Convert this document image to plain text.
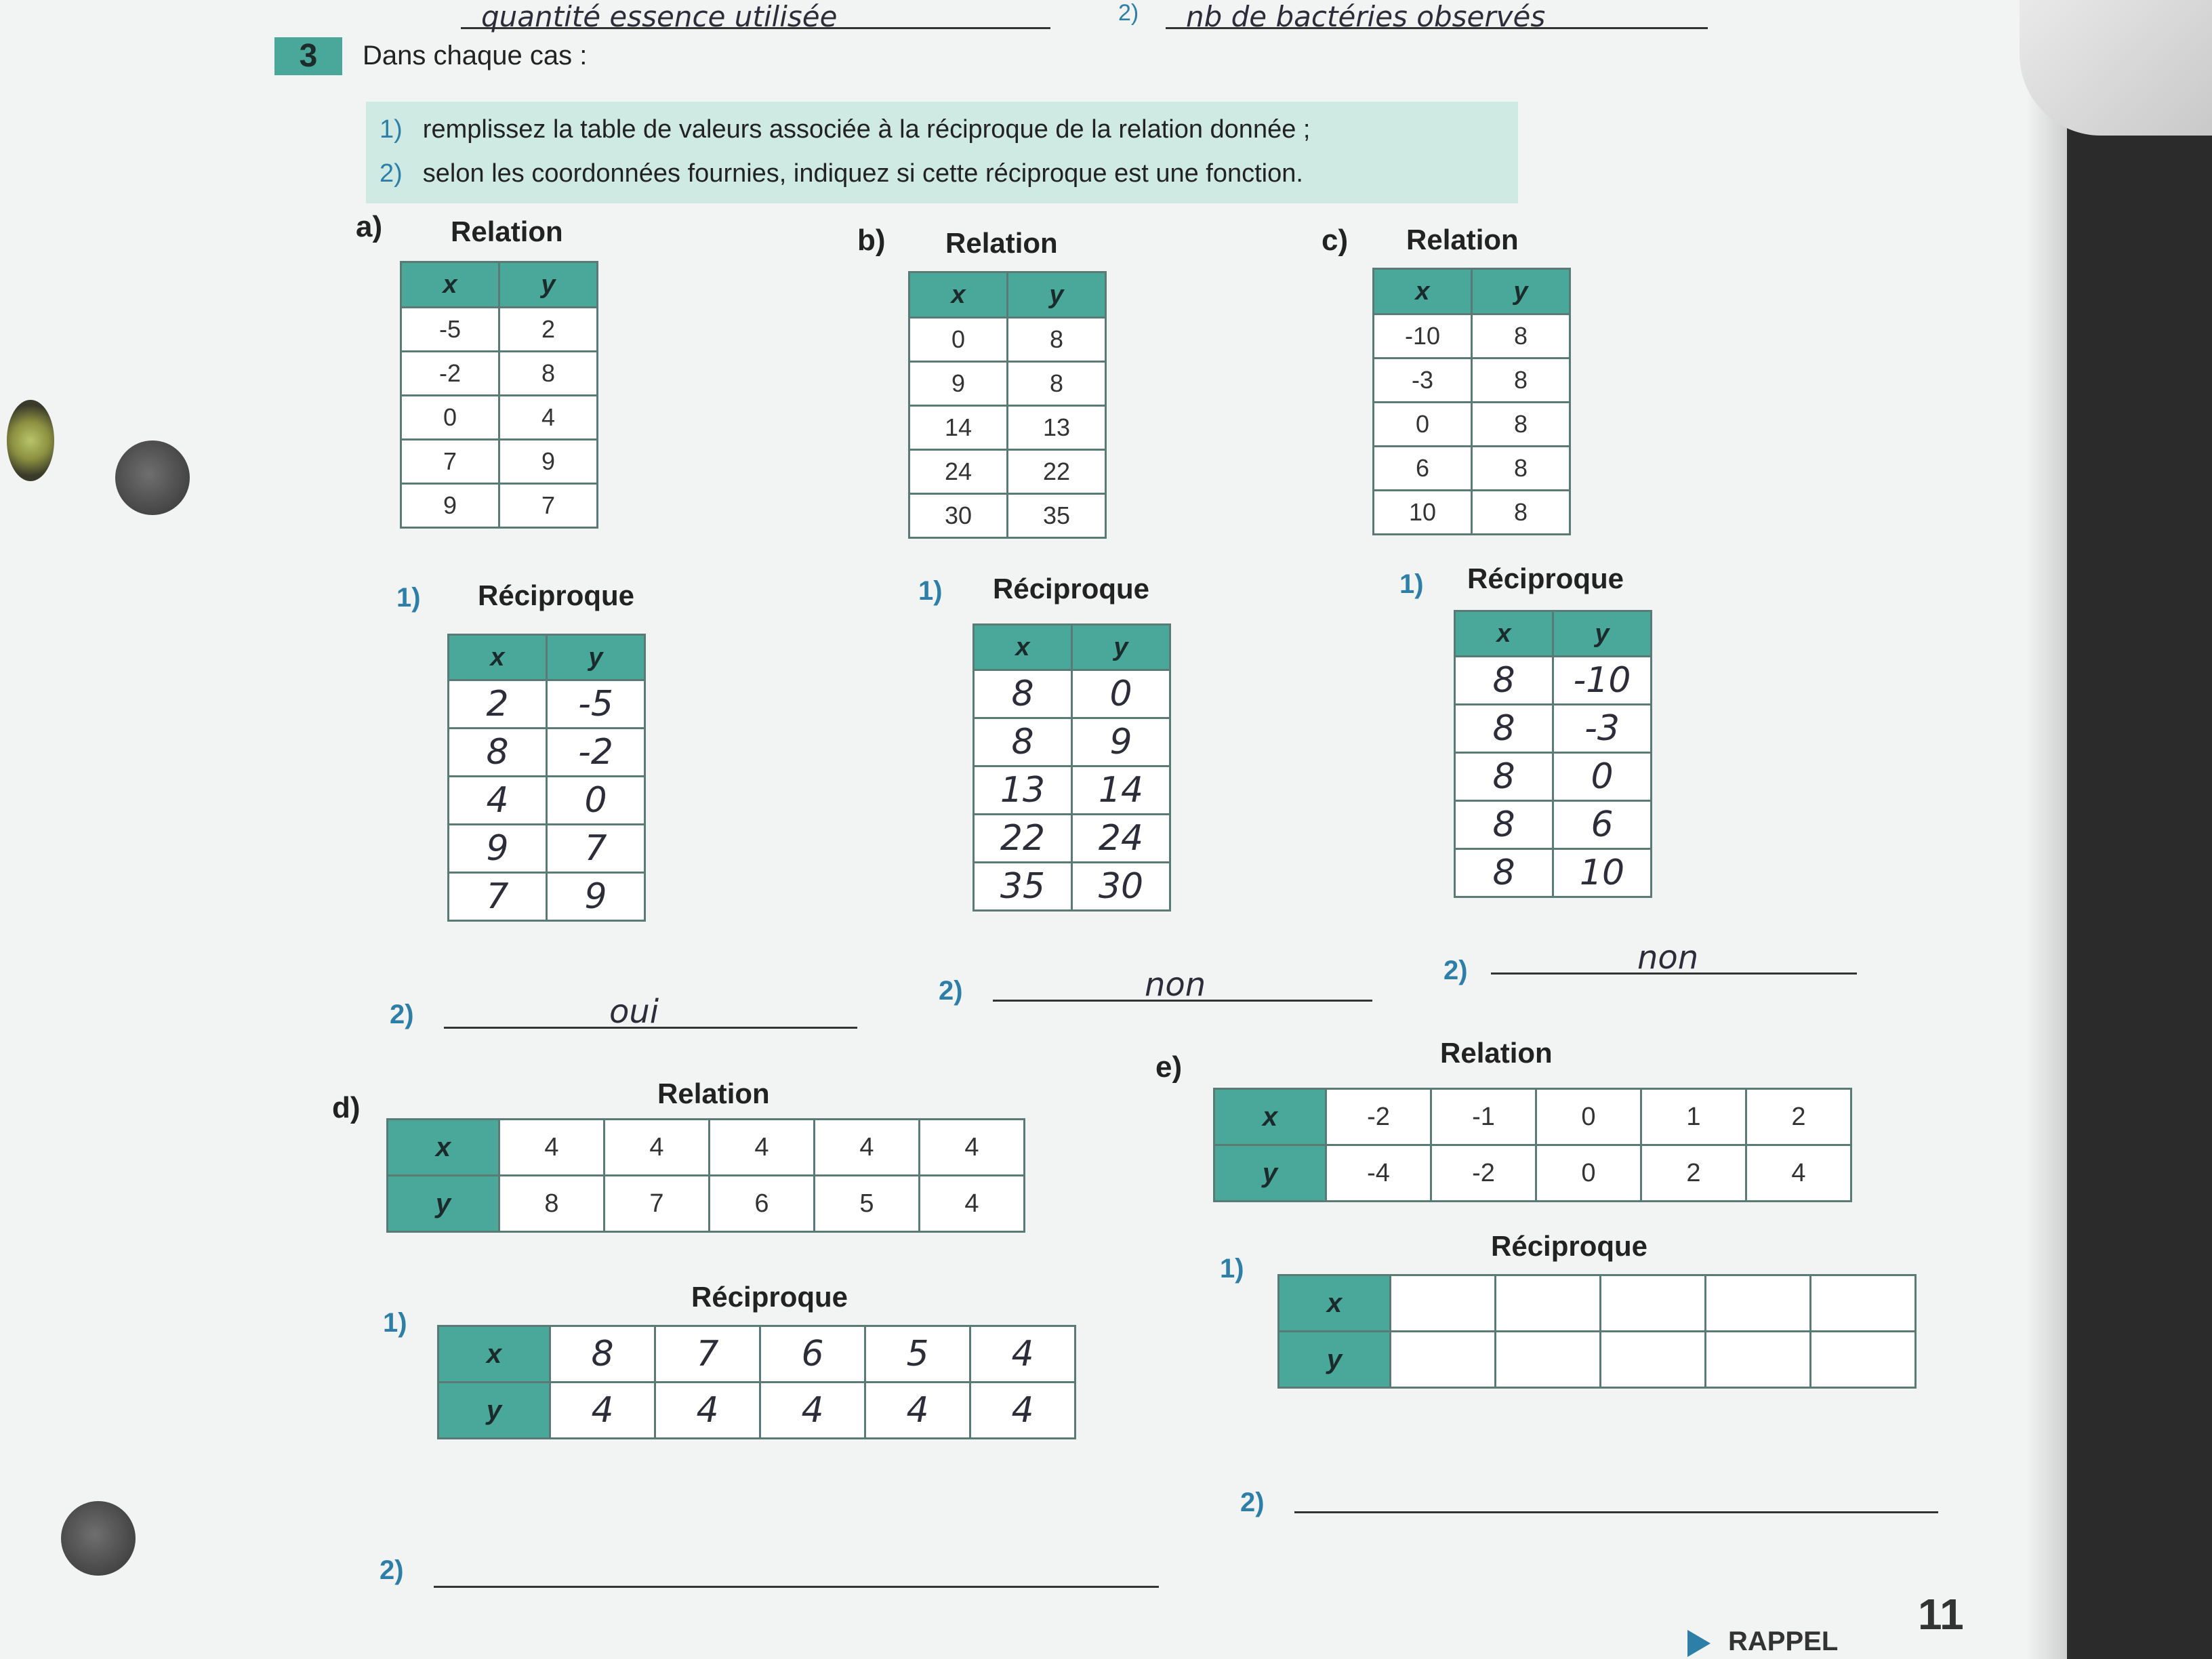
quantité essence utilisée	2)	nb de bactéries observés
3	Dans chaque cas :
1) remplissez la table de valeurs associée à la réciproque de la relation donnée ;
2) selon les coordonnées fournies, indiquez si cette réciproque est une fonction.
a) Relation
x	y
-5	2
-2	8
0	4
7	9
9	7
1) Réciproque
x	y
2	-5
8	-2
4	0
9	7
7	9
2)	oui
b) Relation
x	y
0	8
9	8
14	13
24	22
30	35
1) Réciproque
x	y
8	0
8	9
13	14
22	24
35	30
2)	non
c) Relation
x	y
-10	8
-3	8
0	8
6	8
10	8
1) Réciproque
x	y
8	-10
8	-3
8	0
8	6
8	10
2)	non
d)	Relation
x	4	4	4	4	4
y	8	7	6	5	4
1)
Réciproque
x	8	7	6	5	4
y	4	4	4	4	4
2)
e)	Relation
x	-2	-1	0	1	2
y	-4	-2	0	2	4
1)
Réciproque
x					
y					
2)
RAPPEL
11
